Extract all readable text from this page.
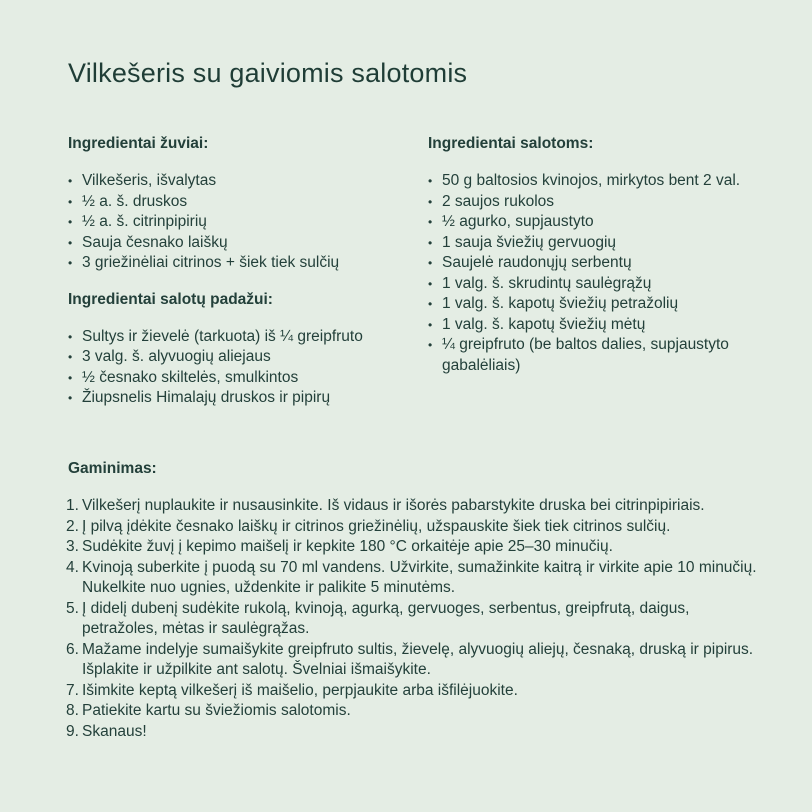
Vilkešeris su gaiviomis salotomis
Ingredientai žuviai:
• Vilkešeris, išvalytas
• ½ a. š. druskos
• ½ a. š. citrinpipirių
• Sauja česnako laiškų
• 3 griežinėliai citrinos + šiek tiek sulčių
Ingredientai salotų padažui:
• Sultys ir žievelė (tarkuota) iš ¼ greipfruto
• 3 valg. š. alyvuogių aliejaus
• ½ česnako skiltelės, smulkintos
• Žiupsnelis Himalajų druskos ir pipirų
Ingredientai salotoms:
• 50 g baltosios kvinojos, mirkytos bent 2 val.
• 2 saujos rukolos
• ½ agurko, supjaustyto
• 1 sauja šviežių gervuogių
• Saujelė raudonųjų serbentų
• 1 valg. š. skrudintų saulėgrąžų
• 1 valg. š. kapotų šviežių petražolių
• 1 valg. š. kapotų šviežių mėtų
• ¼ greipfruto (be baltos dalies, supjaustyto gabalėliais)
Gaminimas:
1. Vilkešerį nuplaukite ir nusausinkite. Iš vidaus ir išorės pabarstykite druska bei citrinpipiriais.
2. Į pilvą įdėkite česnako laiškų ir citrinos griežinėlių, užspauskite šiek tiek citrinos sulčių.
3. Sudėkite žuvį į kepimo maišelį ir kepkite 180 °C orkaitėje apie 25–30 minučių.
4. Kvinoją suberkite į puodą su 70 ml vandens. Užvirkite, sumažinkite kaitrą ir virkite apie 10 minučių. Nukelkite nuo ugnies, uždenkite ir palikite 5 minutėms.
5. Į didelį dubenį sudėkite rukolą, kvinoją, agurką, gervuoges, serbentus, greipfrutą, daigus, petražoles, mėtas ir saulėgrąžas.
6. Mažame indelyje sumaišykite greipfruto sultis, žievelę, alyvuogių aliejų, česnaką, druską ir pipirus. Išplakite ir užpilkite ant salotų. Švelniai išmaišykite.
7. Išimkite keptą vilkešerį iš maišelio, perpjaukite arba išfilėjuokite.
8. Patiekite kartu su šviežiomis salotomis.
9. Skanaus!
